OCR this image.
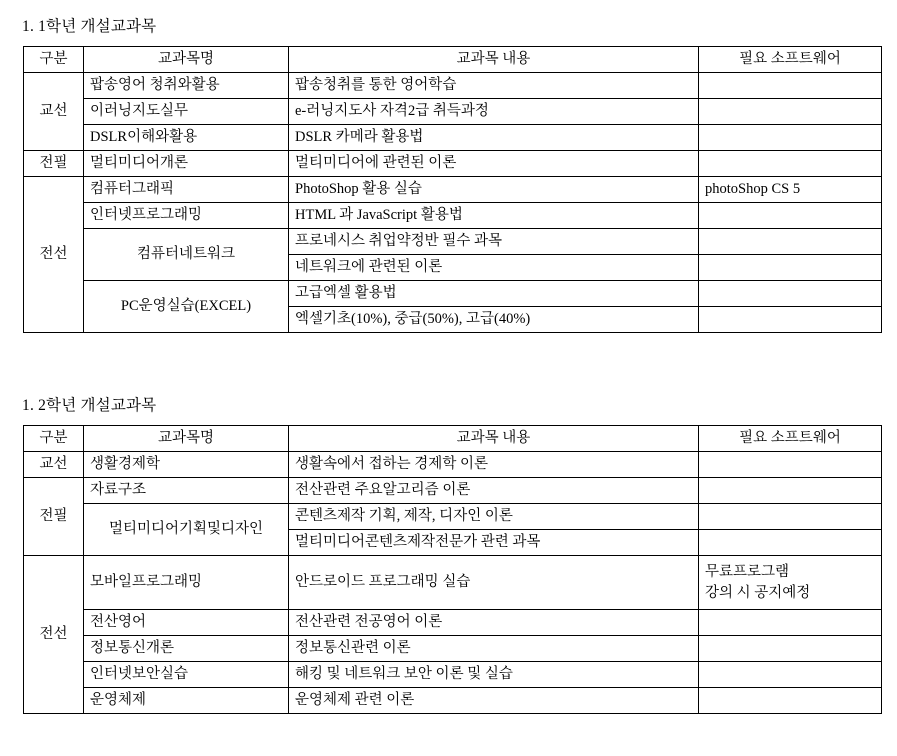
1. 1학년 개설교과목
구분	교과목명	교과목 내용	필요 소프트웨어
교선	팝송영어 청취와활용	팝송청취를 통한 영어학습	
	이러닝지도실무	e-러닝지도사 자격2급 취득과정	
	DSLR이해와활용	DSLR 카메라 활용법	
전필	멀티미디어개론	멀티미디어에 관련된 이론	
전선	컴퓨터그래픽	PhotoShop 활용 실습	photoShop CS 5
	인터넷프로그래밍	HTML 과 JavaScript 활용법	
	컴퓨터네트워크	프로네시스 취업약정반 필수 과목	
		네트워크에 관련된 이론	
	PC운영실습(EXCEL)	고급엑셀 활용법	
		엑셀기초(10%), 중급(50%), 고급(40%)	
1. 2학년 개설교과목
구분	교과목명	교과목 내용	필요 소프트웨어
교선	생활경제학	생활속에서 접하는 경제학 이론	
전필	자료구조	전산관련 주요알고리즘 이론	
	멀티미디어기획및디자인	콘텐츠제작 기획, 제작, 디자인 이론	
		멀티미디어콘텐츠제작전문가 관련 과목	
전선	모바일프로그래밍	안드로이드 프로그래밍 실습	무료프로그램
강의 시 공지예정

	전산영어	전산관련 전공영어 이론	
	정보통신개론	정보통신관련 이론	
	인터넷보안실습	해킹 및 네트워크 보안 이론 및 실습	
	운영체제	운영체제 관련 이론	
